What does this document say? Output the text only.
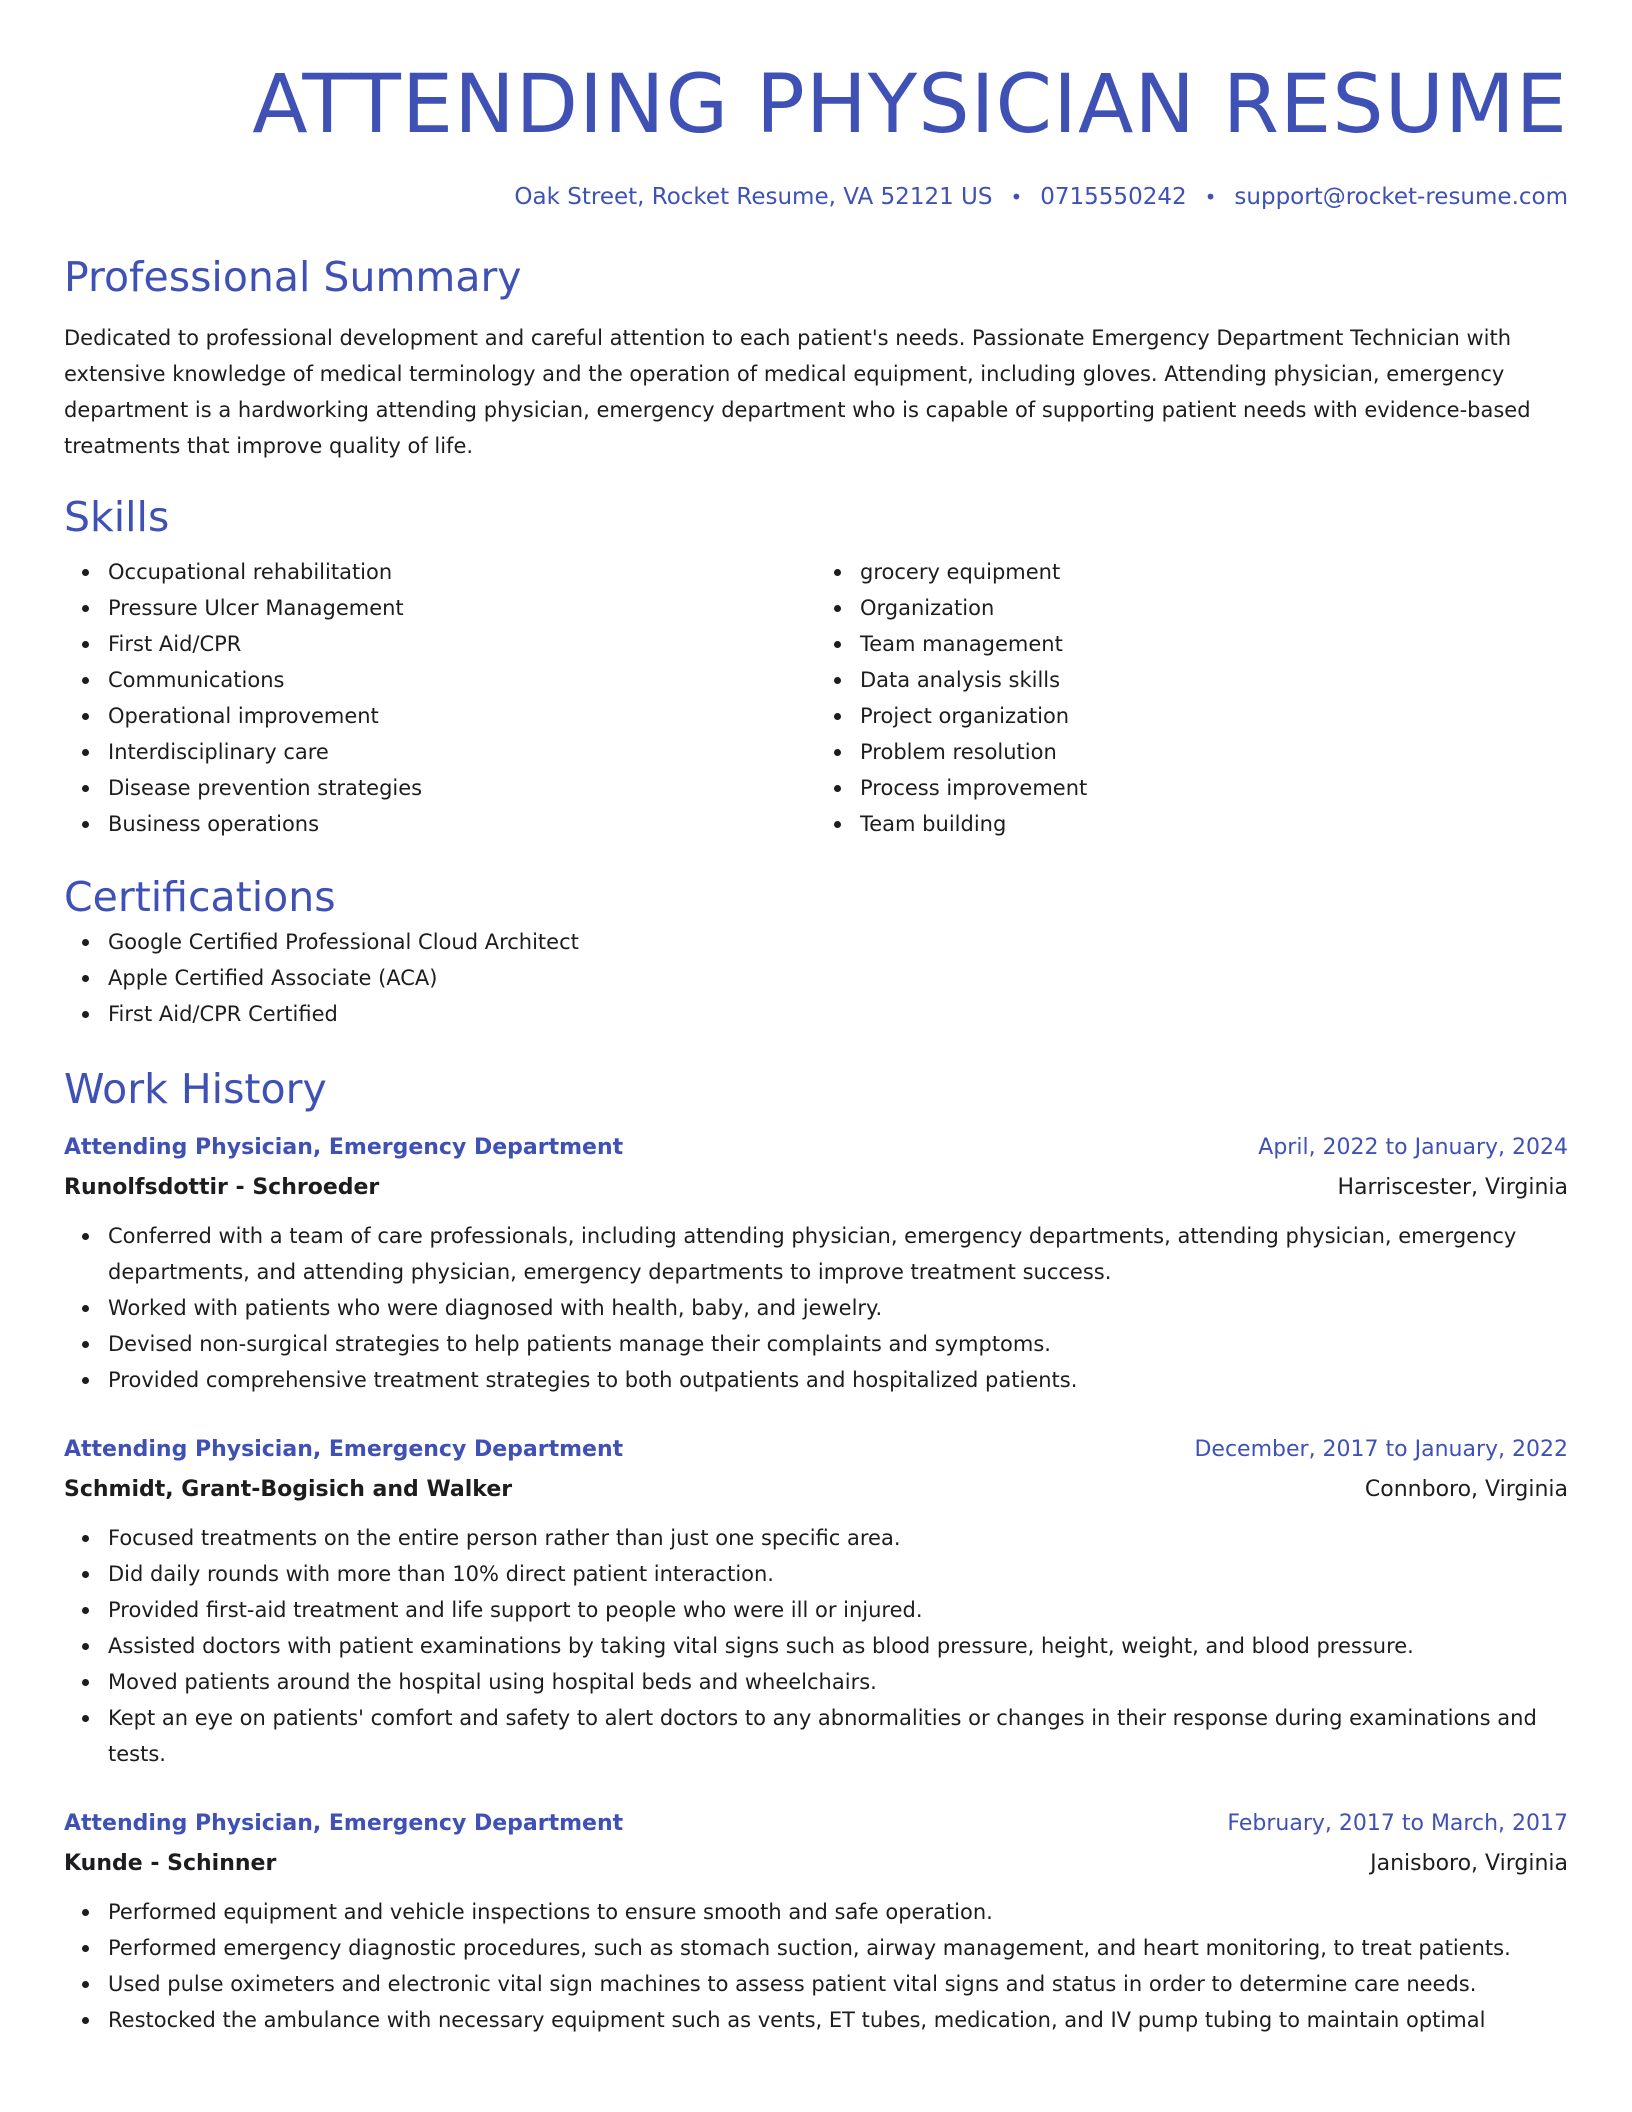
ATTENDING PHYSICIAN RESUME
Oak Street, Rocket Resume, VA 52121 US • 0715550242 • support@rocket-resume.com
Professional Summary
Dedicated to professional development and careful attention to each patient's needs. Passionate Emergency Department Technician with extensive knowledge of medical terminology and the operation of medical equipment, including gloves. Attending physician, emergency department is a hardworking attending physician, emergency department who is capable of supporting patient needs with evidence-based treatments that improve quality of life.
Skills
Occupational rehabilitation
Pressure Ulcer Management
First Aid/CPR
Communications
Operational improvement
Interdisciplinary care
Disease prevention strategies
Business operations
grocery equipment
Organization
Team management
Data analysis skills
Project organization
Problem resolution
Process improvement
Team building
Certifications
Google Certified Professional Cloud Architect
Apple Certified Associate (ACA)
First Aid/CPR Certified
Work History
Attending Physician, Emergency Department	April, 2022 to January, 2024
Runolfsdottir - Schroeder	Harriscester, Virginia
Conferred with a team of care professionals, including attending physician, emergency departments, attending physician, emergency departments, and attending physician, emergency departments to improve treatment success.
Worked with patients who were diagnosed with health, baby, and jewelry.
Devised non-surgical strategies to help patients manage their complaints and symptoms.
Provided comprehensive treatment strategies to both outpatients and hospitalized patients.
Attending Physician, Emergency Department	December, 2017 to January, 2022
Schmidt, Grant-Bogisich and Walker	Connboro, Virginia
Focused treatments on the entire person rather than just one specific area.
Did daily rounds with more than 10% direct patient interaction.
Provided first-aid treatment and life support to people who were ill or injured.
Assisted doctors with patient examinations by taking vital signs such as blood pressure, height, weight, and blood pressure.
Moved patients around the hospital using hospital beds and wheelchairs.
Kept an eye on patients' comfort and safety to alert doctors to any abnormalities or changes in their response during examinations and tests.
Attending Physician, Emergency Department	February, 2017 to March, 2017
Kunde - Schinner	Janisboro, Virginia
Performed equipment and vehicle inspections to ensure smooth and safe operation.
Performed emergency diagnostic procedures, such as stomach suction, airway management, and heart monitoring, to treat patients.
Used pulse oximeters and electronic vital sign machines to assess patient vital signs and status in order to determine care needs.
Restocked the ambulance with necessary equipment such as vents, ET tubes, medication, and IV pump tubing to maintain optimal
